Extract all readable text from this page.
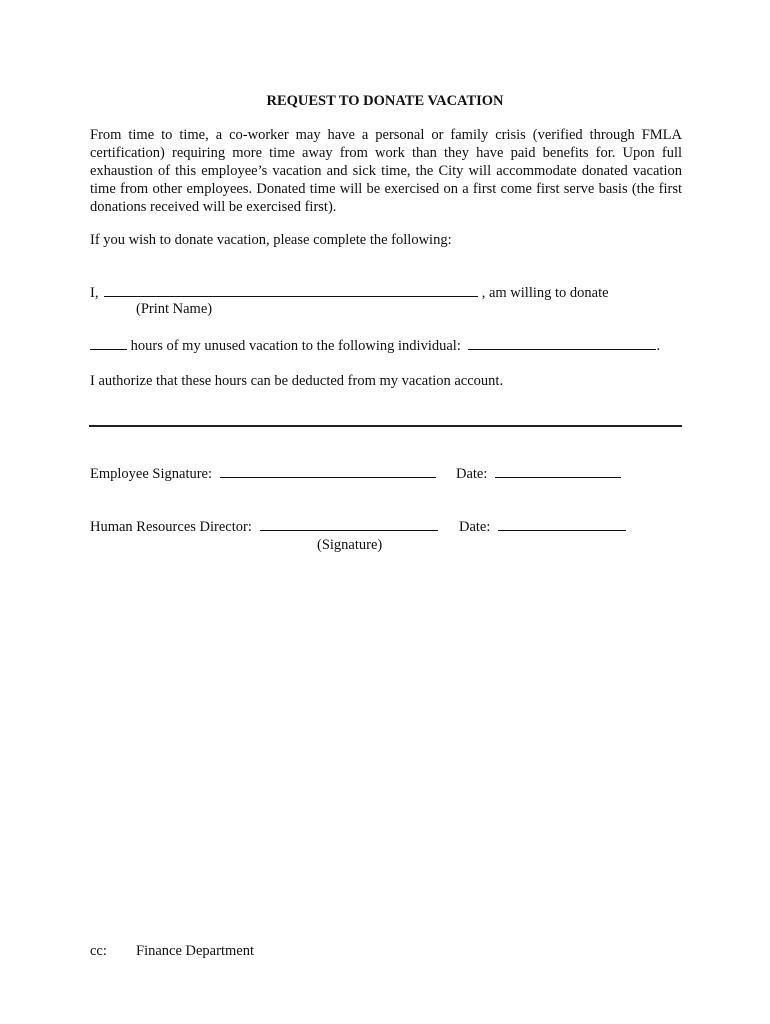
REQUEST TO DONATE VACATION
From time to time, a co-worker may have a personal or family crisis (verified through FMLA certification) requiring more time away from work than they have paid benefits for. Upon full exhaustion of this employee’s vacation and sick time, the City will accommodate donated vacation time from other employees. Donated time will be exercised on a first come first serve basis (the first donations received will be exercised first).
If you wish to donate vacation, please complete the following:
I,	, am willing to donate
(Print Name)
hours of my unused vacation to the following individual:	.
I authorize that these hours can be deducted from my vacation account.
Employee Signature:	Date:
Human Resources Director:	Date:
(Signature)
cc: Finance Department
